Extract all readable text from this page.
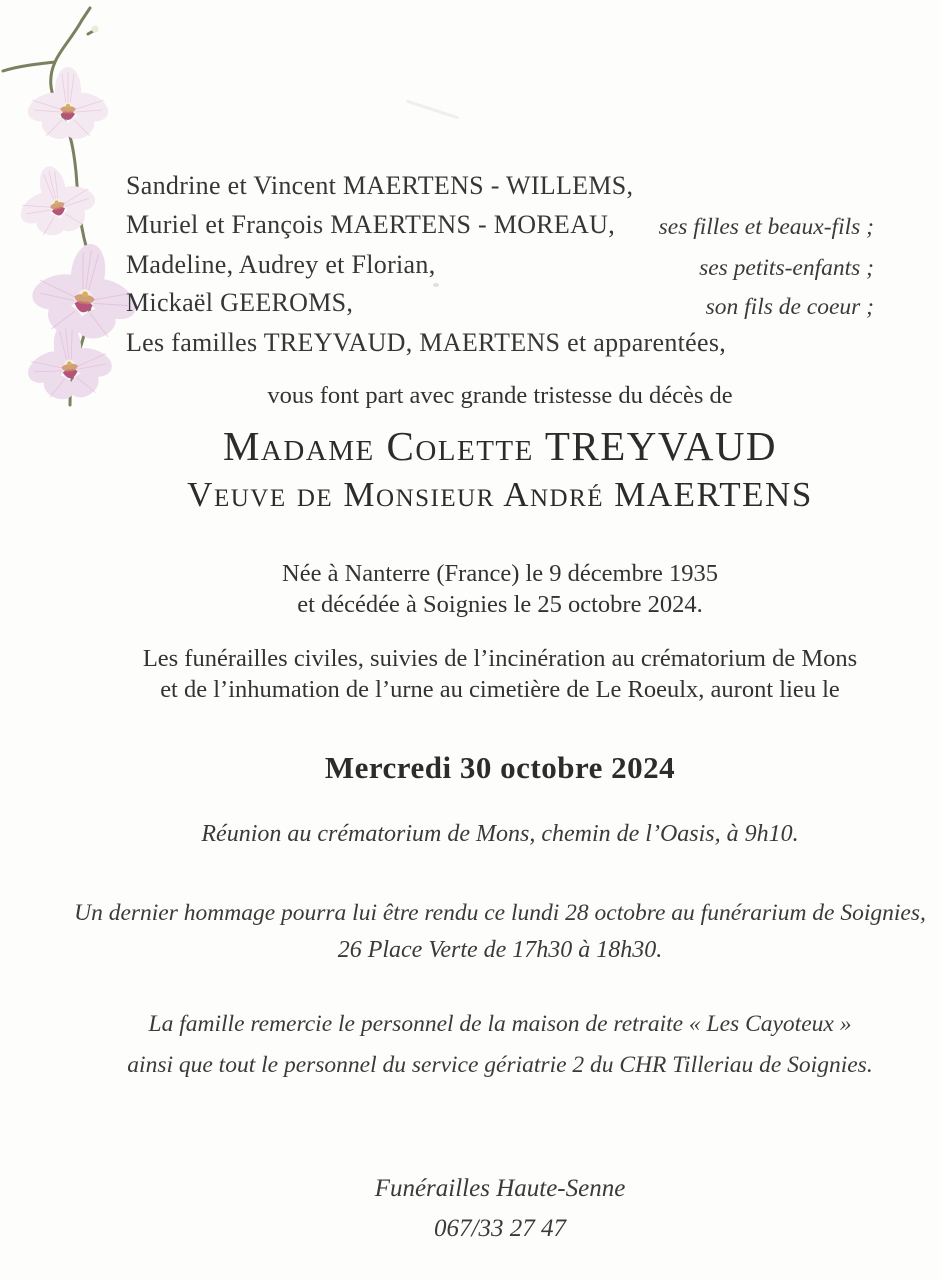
Sandrine et Vincent MAERTENS - WILLEMS,
Muriel et François MAERTENS - MOREAU,
Madeline, Audrey et Florian,
Mickaël GEEROMS,
Les familles TREYVAUD, MAERTENS et apparentées,
ses filles et beaux-fils ;
ses petits-enfants ;
son fils de coeur ;
vous font part avec grande tristesse du décès de
Madame Colette TREYVAUD
Veuve de Monsieur André MAERTENS
Née à Nanterre (France) le 9 décembre 1935
et décédée à Soignies le 25 octobre 2024.
Les funérailles civiles, suivies de l’incinération au crématorium de Mons
et de l’inhumation de l’urne au cimetière de Le Roeulx, auront lieu le
Mercredi 30 octobre 2024
Réunion au crématorium de Mons, chemin de l’Oasis, à 9h10.
Un dernier hommage pourra lui être rendu ce lundi 28 octobre au funérarium de Soignies,
26 Place Verte de 17h30 à 18h30.
La famille remercie le personnel de la maison de retraite « Les Cayoteux »
ainsi que tout le personnel du service gériatrie 2 du CHR Tilleriau de Soignies.
Funérailles Haute-Senne
067/33 27 47
